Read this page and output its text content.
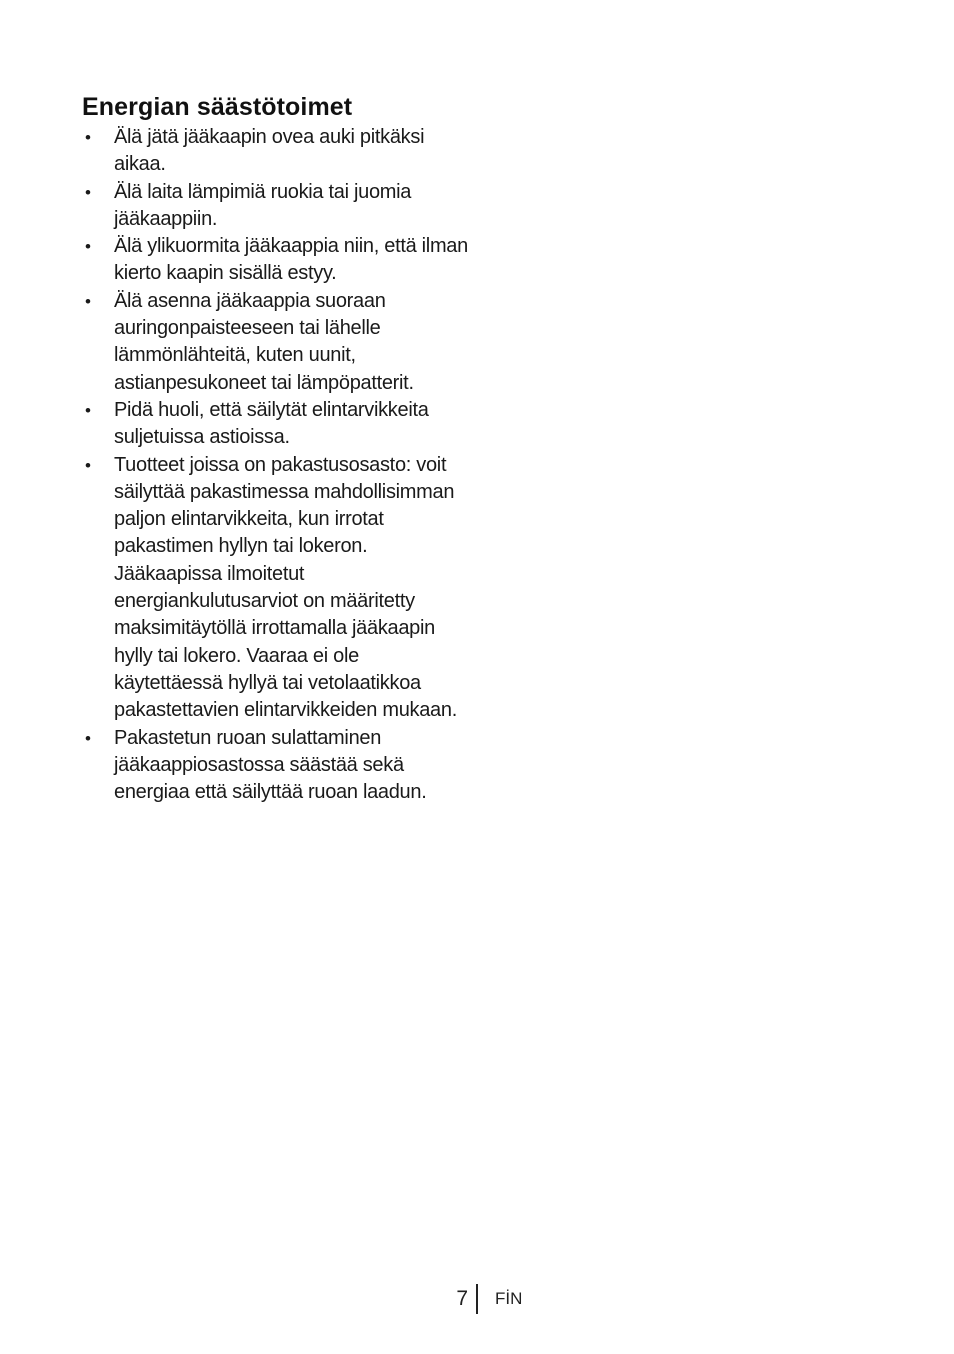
Energian säästötoimet
• Älä jätä jääkaapin ovea auki pitkäksi aikaa.
• Älä laita lämpimiä ruokia tai juomia jääkaappiin.
• Älä ylikuormita jääkaappia niin, että ilman kierto kaapin sisällä estyy.
• Älä asenna jääkaappia suoraan auringonpaisteeseen tai lähelle lämmönlähteitä, kuten uunit, astianpesukoneet tai lämpöpatterit.
• Pidä huoli, että säilytät elintarvikkeita suljetuissa astioissa.
• Tuotteet joissa on pakastusosasto: voit säilyttää pakastimessa mahdollisimman paljon elintarvikkeita, kun irrotat pakastimen hyllyn tai lokeron. Jääkaapissa ilmoitetut energiankulutusarviot on määritetty maksimitäytöllä irrottamalla jääkaapin hylly tai lokero. Vaaraa ei ole käytettäessä hyllyä tai vetolaatikkoa pakastettavien elintarvikkeiden mukaan.
• Pakastetun ruoan sulattaminen jääkaappiosastossa säästää sekä energiaa että säilyttää ruoan laadun.
7 FİN
